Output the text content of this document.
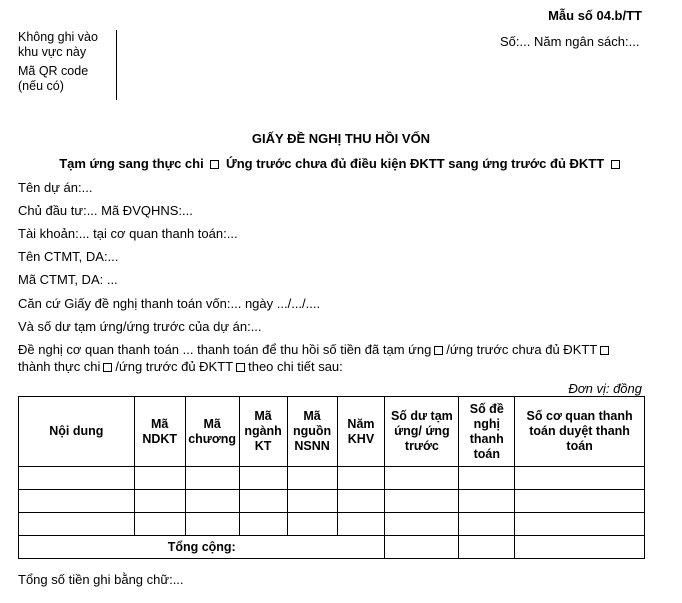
Mẫu số 04.b/TT
Không ghi vào
khu vực này
Mã QR code
(nếu có)
Số:... Năm ngân sách:...
GIẤY ĐỀ NGHỊ THU HỒI VỐN
Tạm ứng sang thực chi Ứng trước chưa đủ điều kiện ĐKTT sang ứng trước đủ ĐKTT
Tên dự án:...
Chủ đầu tư:... Mã ĐVQHNS:...
Tài khoản:... tại cơ quan thanh toán:...
Tên CTMT, DA:...
Mã CTMT, DA: ...
Căn cứ Giấy đề nghị thanh toán vốn:... ngày .../.../....
Và số dư tạm ứng/ứng trước của dự án:...
Đề nghị cơ quan thanh toán ... thanh toán để thu hồi số tiền đã tạm ứng /ứng trước chưa đủ ĐKTT
thành thực chi /ứng trước đủ ĐKTT theo chi tiết sau:
Đơn vị: đồng
Nội dung	Mã NDKT	Mã chương	Mã ngành KT	Mã nguồn NSNN	Năm KHV	Số dư tạm ứng/ ứng trước	Số đề nghị thanh toán	Số cơ quan thanh toán duyệt thanh toán

Tổng cộng:								
Tổng số tiền ghi bằng chữ:...
